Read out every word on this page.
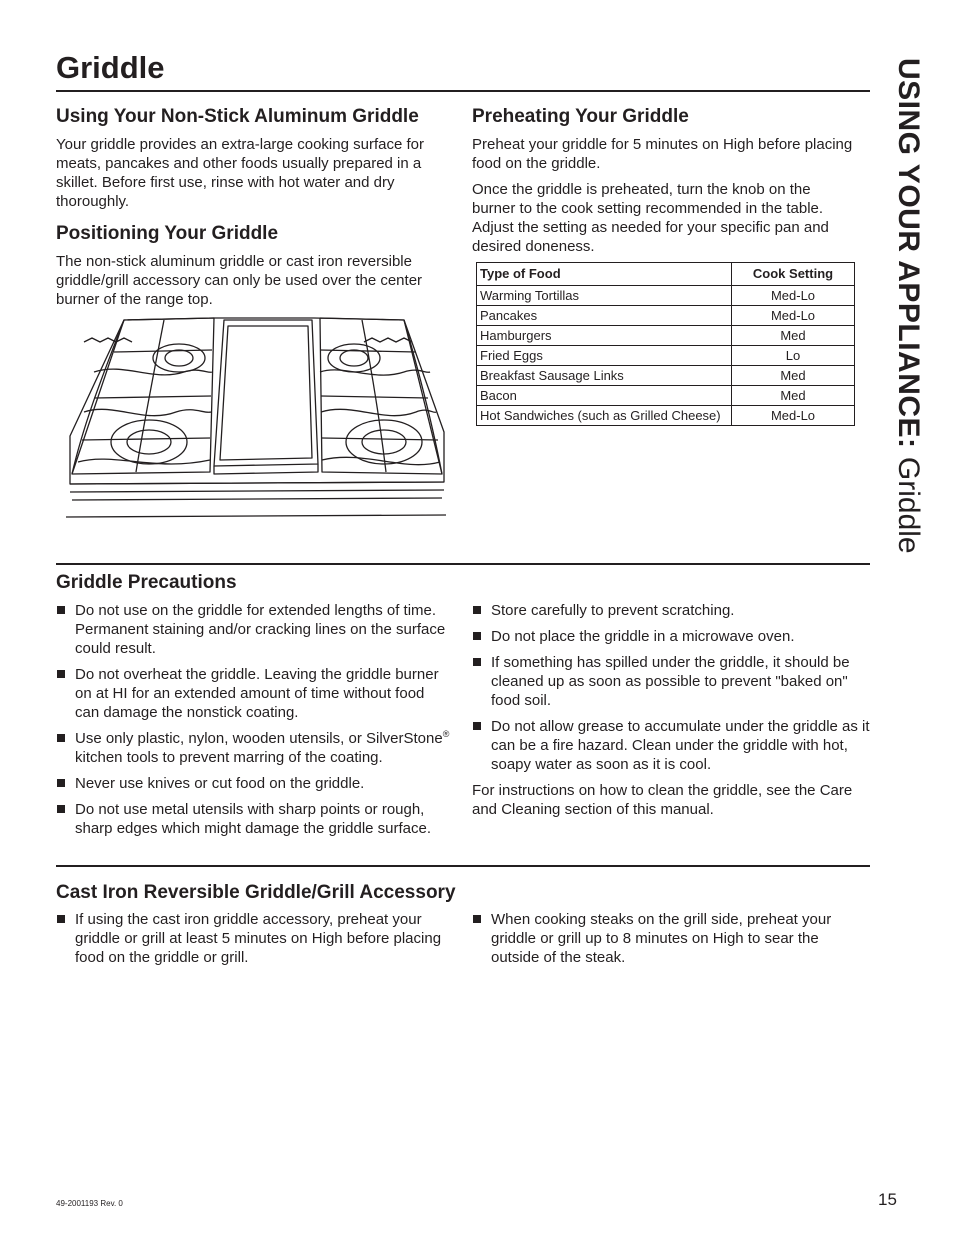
Griddle	USING YOUR APPLIANCE: Griddle
Using Your Non-Stick Aluminum Griddle

Your griddle provides an extra-large cooking surface for meats, pancakes and other foods usually prepared in a skillet. Before first use, rinse with hot water and dry thoroughly.

Positioning Your Griddle

The non-stick aluminum griddle or cast iron reversible griddle/grill accessory can only be used over the center burner of the range top.

Preheating Your Griddle

Preheat your griddle for 5 minutes on High before placing food on the griddle.

Once the griddle is preheated, turn the knob on the burner to the cook setting recommended in the table. Adjust the setting as needed for your specific pan and desired doneness.

Type of Food	Cook Setting
Warming Tortillas	Med-Lo
Pancakes	Med-Lo
Hamburgers	Med
Fried Eggs	Lo
Breakfast Sausage Links	Med
Bacon	Med
Hot Sandwiches (such as Grilled Cheese)	Med-Lo
Griddle Precautions
Do not use on the griddle for extended lengths of time. Permanent staining and/or cracking lines on the surface could result.
Do not overheat the griddle. Leaving the griddle burner on at HI for an extended amount of time without food can damage the nonstick coating.
Use only plastic, nylon, wooden utensils, or SilverStone® kitchen tools to prevent marring of the coating.
Never use knives or cut food on the griddle.
Do not use metal utensils with sharp points or rough, sharp edges which might damage the griddle surface.
Store carefully to prevent scratching.
Do not place the griddle in a microwave oven.
If something has spilled under the griddle, it should be cleaned up as soon as possible to prevent "baked on" food soil.
Do not allow grease to accumulate under the griddle as it can be a fire hazard. Clean under the griddle with hot, soapy water as soon as it is cool.

For instructions on how to clean the griddle, see the Care and Cleaning section of this manual.

Cast Iron Reversible Griddle/Grill Accessory
If using the cast iron griddle accessory, preheat your griddle or grill at least 5 minutes on High before placing food on the griddle or grill.
When cooking steaks on the grill side, preheat your griddle or grill up to 8 minutes on High to sear the outside of the steak.
49-2001193 Rev. 0	15
